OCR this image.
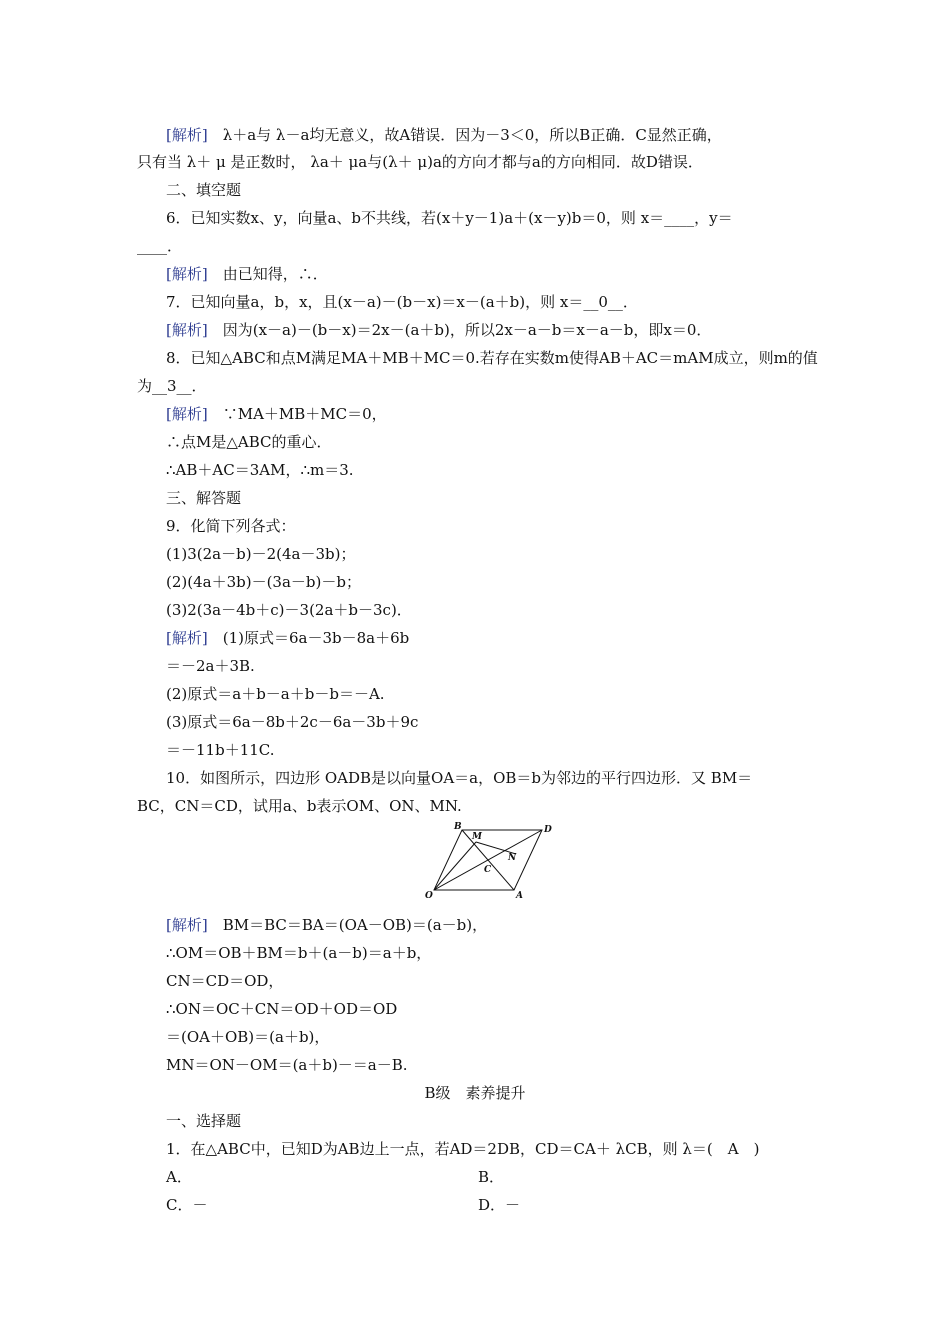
[解析]　λ＋a与 λ－a均无意义，故A错误．因为－3＜0，所以B正确．C显然正确，
只有当 λ＋ μ 是正数时， λa＋ μa与(λ＋ μ)a的方向才都与a的方向相同．故D错误．
二、填空题
6．已知实数x、y，向量a、b不共线，若(x＋y－1)a＋(x－y)b＝0，则 x＝____，y＝
____．
[解析]　由已知得，∴．
7．已知向量a，b，x，且(x－a)－(b－x)＝x－(a＋b)，则 x＝__0__．
[解析]　因为(x－a)－(b－x)＝2x－(a＋b)，所以2x－a－b＝x－a－b，即x＝0．
8．已知△ABC和点M满足MA＋MB＋MC＝0.若存在实数m使得AB＋AC＝mAM成立，则m的值
为__3__．
[解析]　∵MA＋MB＋MC＝0，
∴点M是△ABC的重心．
∴AB＋AC＝3AM，∴m＝3.
三、解答题
9．化简下列各式：
(1)3(2a－b)－2(4a－3b)；
(2)(4a＋3b)－(3a－b)－b；
(3)2(3a－4b＋c)－3(2a＋b－3c)．
[解析]　(1)原式＝6a－3b－8a＋6b
＝－2a＋3B.
(2)原式＝a＋b－a＋b－b＝－A.
(3)原式＝6a－8b＋2c－6a－3b＋9c
＝－11b＋11C.
10．如图所示，四边形 OADB是以向量OA＝a，OB＝b为邻边的平行四边形．又 BM＝
BC，CN＝CD，试用a、b表示OM、ON、MN.
B
M
D
N
C
O	A
[解析]　BM＝BC＝BA＝(OA－OB)＝(a－b)，
∴OM＝OB＋BM＝b＋(a－b)＝a＋b，
CN＝CD＝OD，
∴ON＝OC＋CN＝OD＋OD＝OD
＝(OA＋OB)＝(a＋b)，
MN＝ON－OM＝(a＋b)－＝a－B.
B级　素养提升
一、选择题
1．在△ABC中，已知D为AB边上一点，若AD＝2DB，CD＝CA＋ λCB，则 λ＝(　A　)
A．	B．
C．－	D．－
